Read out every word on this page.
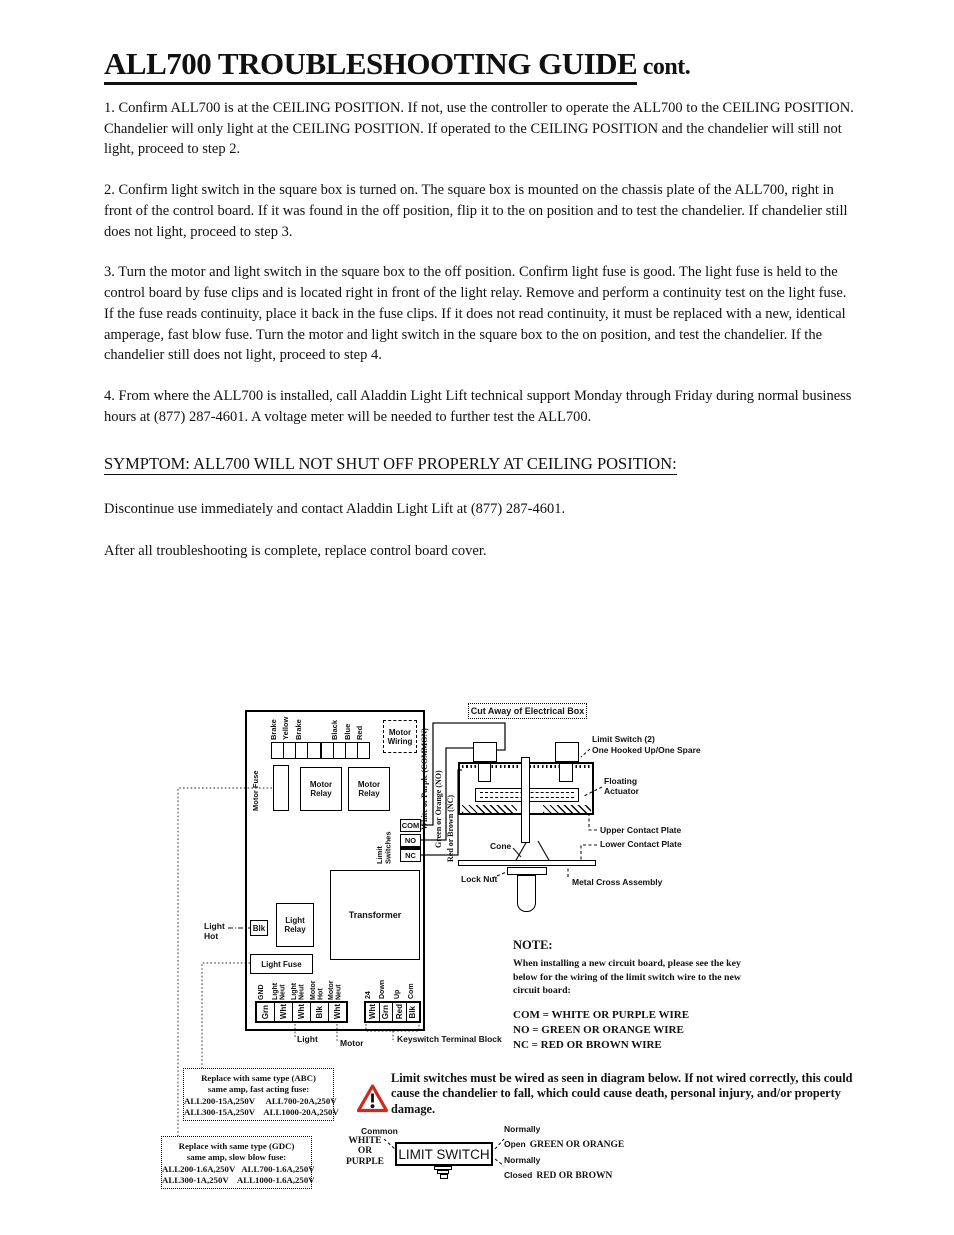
ALL700 TROUBLESHOOTING GUIDE cont.

1. Confirm ALL700 is at the CEILING POSITION. If not, use the controller to operate the ALL700 to the CEILING POSITION. Chandelier will only light at the CEILING POSITION. If operated to the CEILING POSITION and the chandelier will still not light, proceed to step 2.

2. Confirm light switch in the square box is turned on. The square box is mounted on the chassis plate of the ALL700, right in front of the control board. If it was found in the off position, flip it to the on position and to test the chandelier. If chandelier still does not light, proceed to step 3.

3. Turn the motor and light switch in the square box to the off position. Confirm light fuse is good. The light fuse is held to the control board by fuse clips and is located right in front of the light relay. Remove and perform a continuity test on the light fuse. If the fuse reads continuity, place it back in the fuse clips. If it does not read continuity, it must be replaced with a new, identical amperage, fast blow fuse. Turn the motor and light switch in the square box to the on position, and test the chandelier. If the chandelier still does not light, proceed to step 4.

4. From where the ALL700 is installed, call Aladdin Light Lift technical support Monday through Friday during normal business hours at (877) 287-4601. A voltage meter will be needed to further test the ALL700.

SYMPTOM: ALL700 WILL NOT SHUT OFF PROPERLY AT CEILING POSITION:

Discontinue use immediately and contact Aladdin Light Lift at (877) 287-4601.

After all troubleshooting is complete, replace control board cover.

Brake Yellow Brake	Black Blue Red
Motor Fuse	Motor Relay
Motor Relay
Motor Wiring
Limit Switches
COM
NO
NC
White or Purple (COMMON) Green or Orange (NO) Red or Brown (NC)
Light Relay
Blk
Light Hot
Light Fuse
Transformer
Grn Wht Wht Blk Wht
GND	Light Neut Light Neut Motor Hot Motor Neut
Light	Motor
Wht Grn Red Blk
24	Down	Up	Com
Keyswitch Terminal Block
Cut Away of Electrical Box
Limit Switch (2)
One Hooked Up/One Spare
Floating Actuator
Upper Contact Plate
Lower Contact Plate
Cone
Lock Nut	Metal Cross Assembly
NOTE:
When installing a new circuit board, please see the key below for the wiring of the limit switch wire to the new circuit board:
COM = WHITE OR PURPLE WIRE
NO = GREEN OR ORANGE WIRE
NC = RED OR BROWN WIRE
Replace with same type (ABC)
same amp, fast acting fuse:
ALL200-15A,250V     ALL700-20A,250V
ALL300-15A,250V    ALL1000-20A,250V
Replace with same type (GDC)
same amp, slow blow fuse:
ALL200-1.6A,250V   ALL700-1.6A,250V
ALL300-1A,250V    ALL1000-1.6A,250V
Limit switches must be wired as seen in diagram below. If not wired correctly, this could cause the chandelier to fall, which could cause death, personal injury, and/or property damage.
Common
WHITE
OR
PURPLE	LIMIT SWITCH
Normally
Open GREEN OR ORANGE
Normally
Closed RED OR BROWN
